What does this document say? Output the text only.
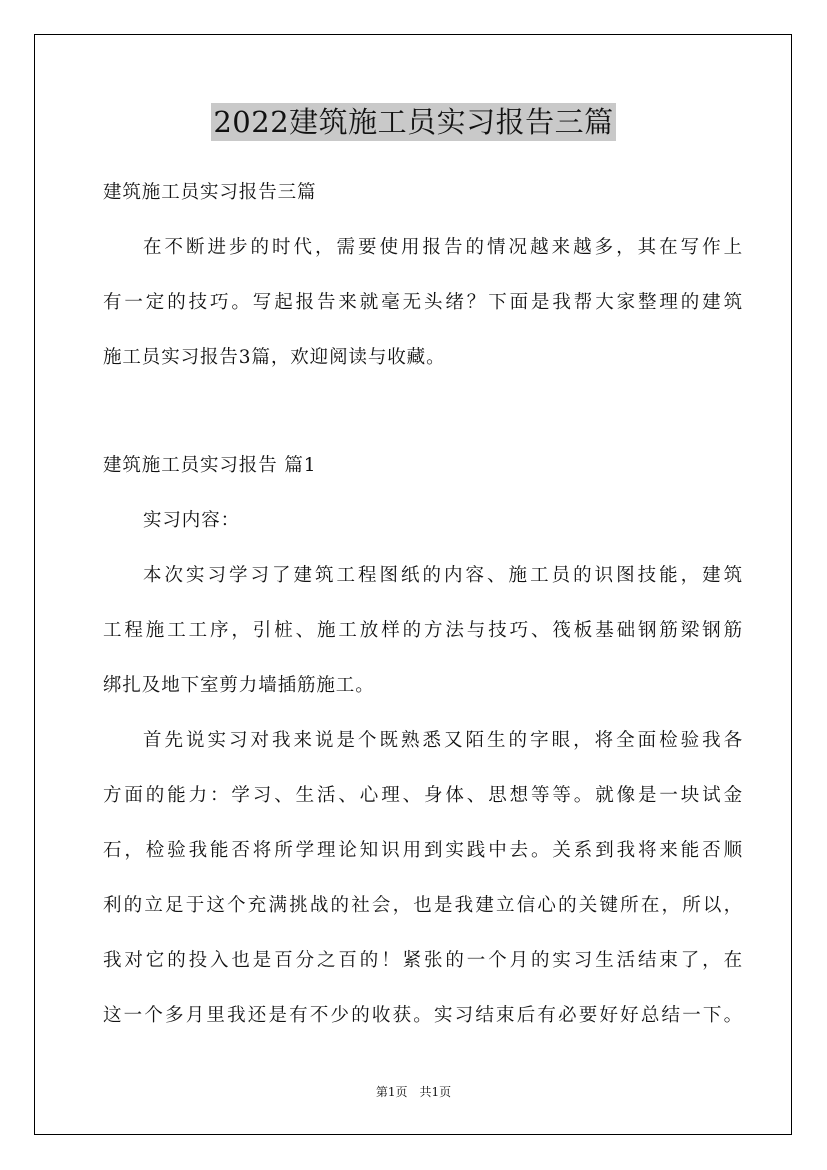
2022建筑施工员实习报告三篇
建筑施工员实习报告三篇
在不断进步的时代，需要使用报告的情况越来越多，其在写作上
有一定的技巧。写起报告来就毫无头绪？下面是我帮大家整理的建筑
施工员实习报告3篇，欢迎阅读与收藏。
建筑施工员实习报告 篇1
实习内容：
本次实习学习了建筑工程图纸的内容、施工员的识图技能，建筑
工程施工工序，引桩、施工放样的方法与技巧、筏板基础钢筋梁钢筋
绑扎及地下室剪力墙插筋施工。
首先说实习对我来说是个既熟悉又陌生的字眼，将全面检验我各
方面的能力：学习、生活、心理、身体、思想等等。就像是一块试金
石，检验我能否将所学理论知识用到实践中去。关系到我将来能否顺
利的立足于这个充满挑战的社会，也是我建立信心的关键所在，所以，
我对它的投入也是百分之百的！紧张的一个月的实习生活结束了，在
这一个多月里我还是有不少的收获。实习结束后有必要好好总结一下。
第1页　共1页
